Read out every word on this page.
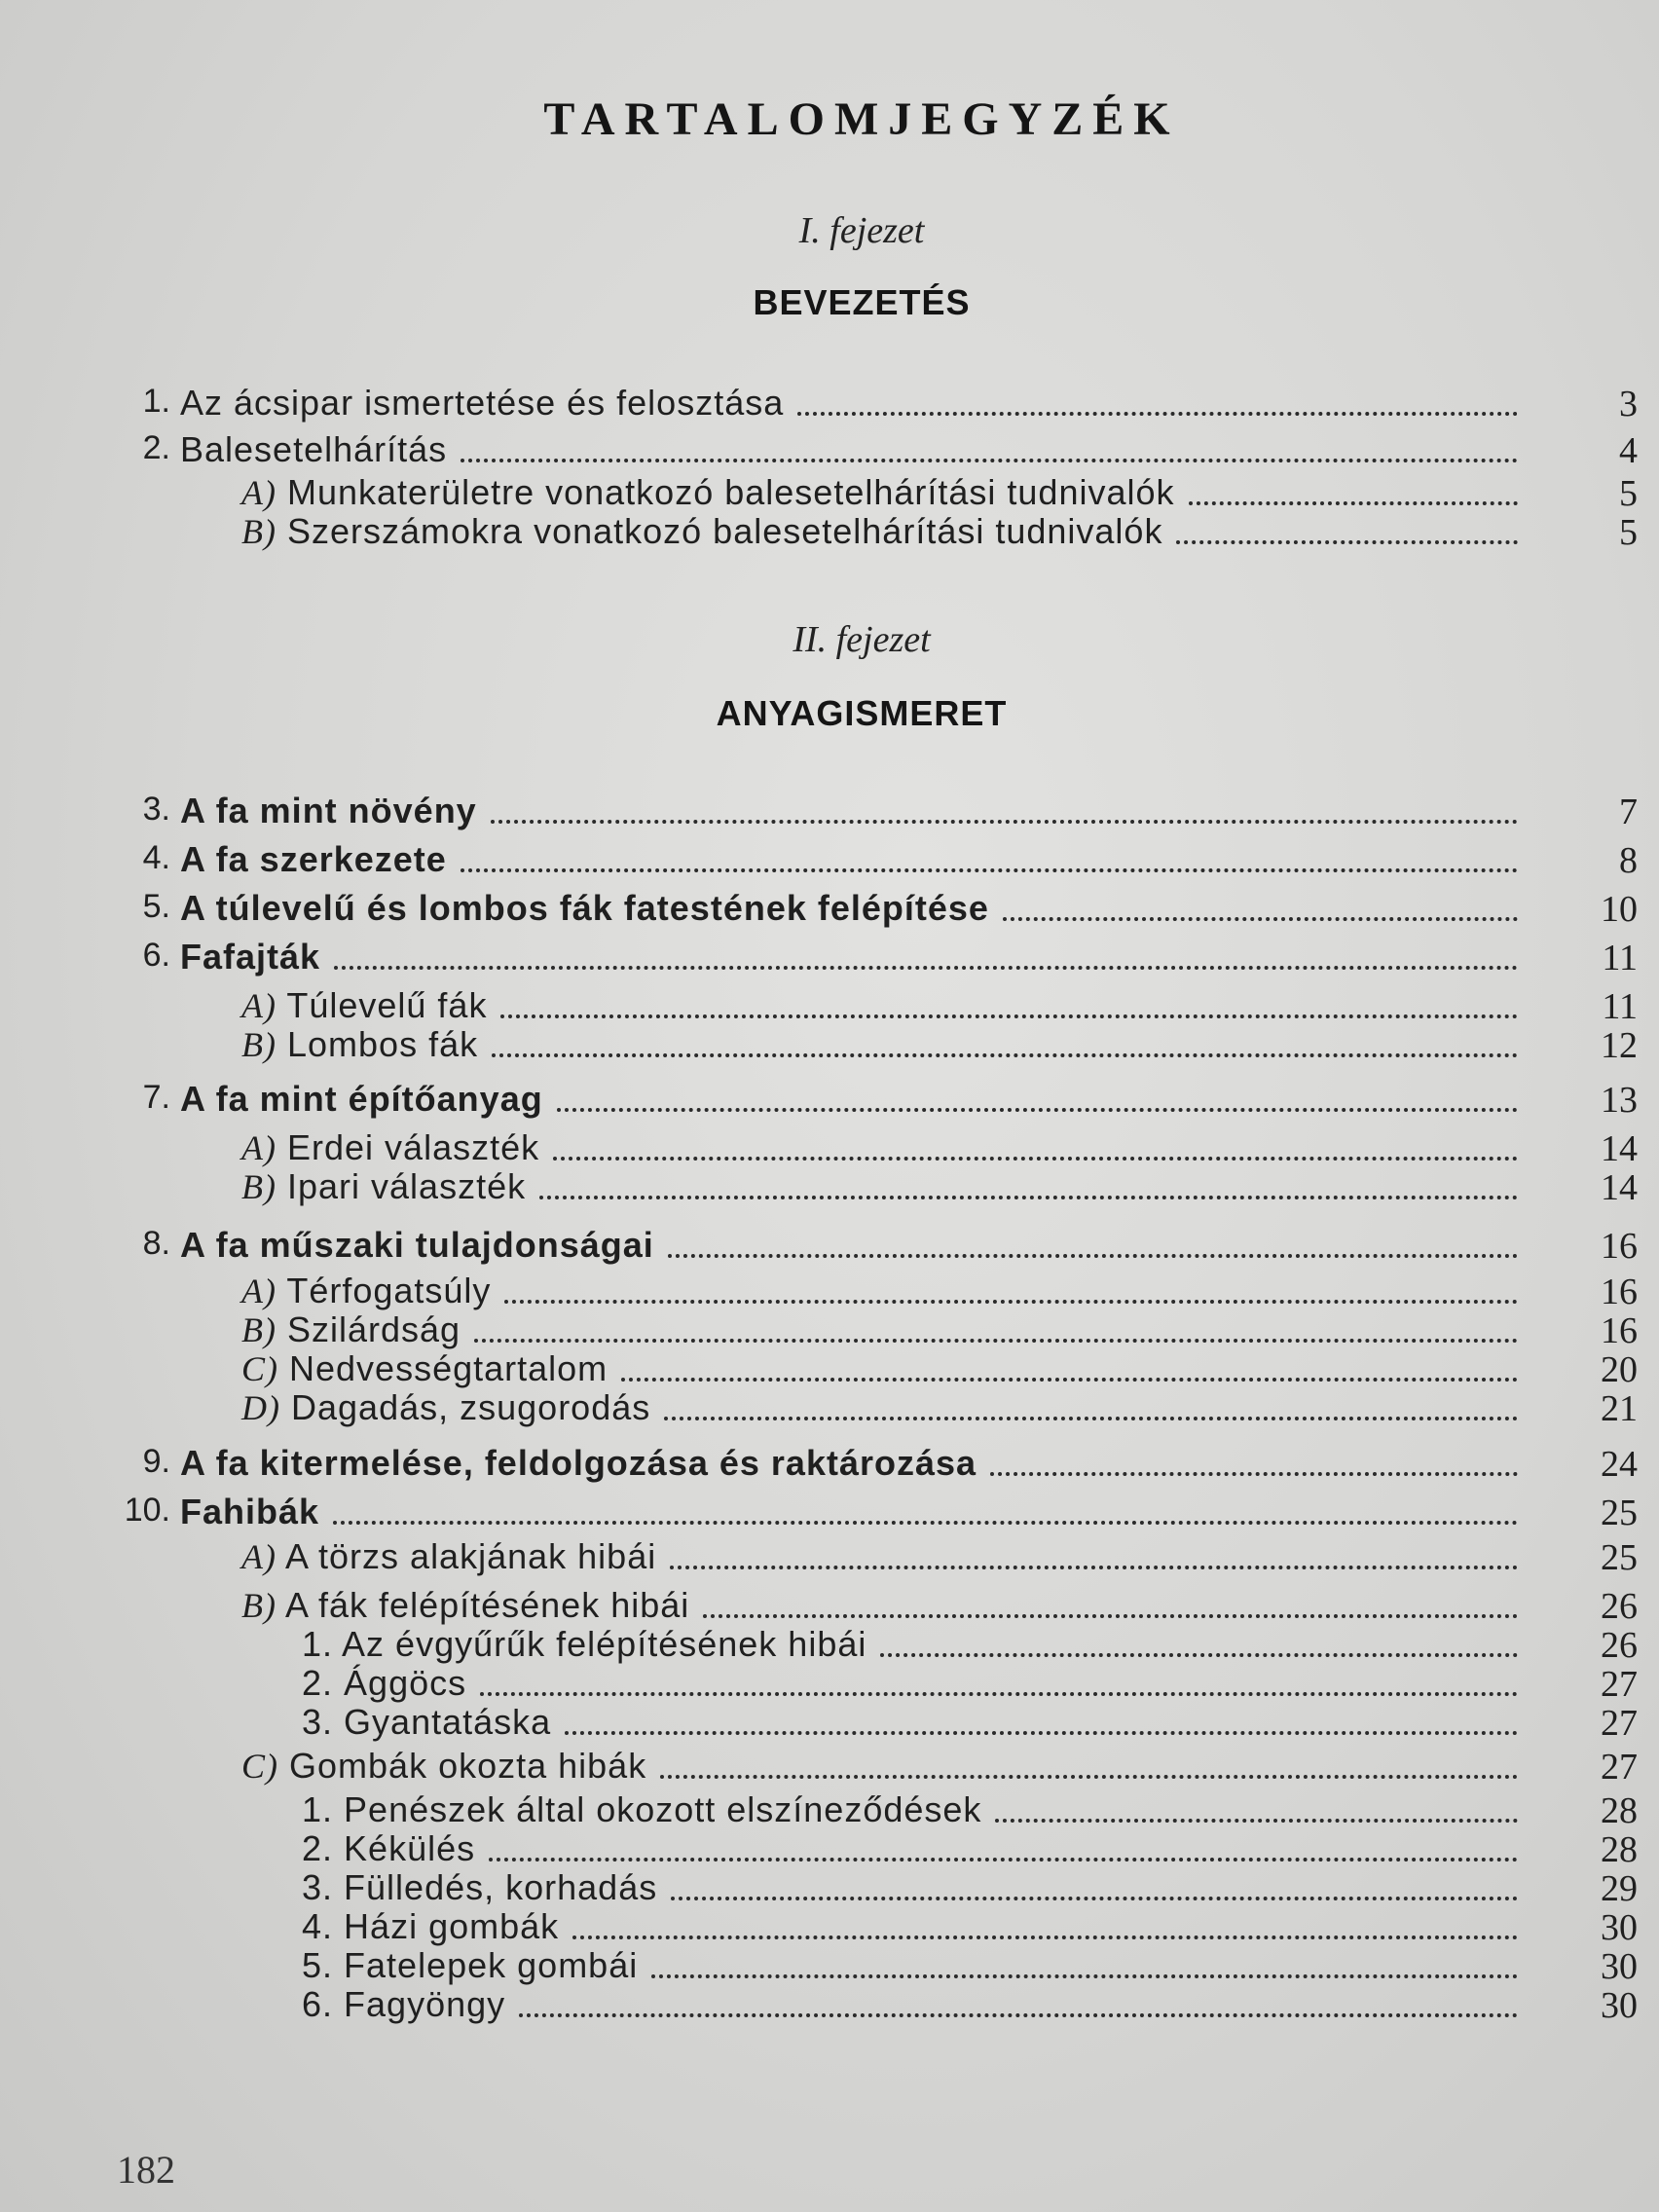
TARTALOMJEGYZÉK
I. fejezet
BEVEZETÉS
1. Az ácsipar ismertetése és felosztása	3
2. Balesetelhárítás	4
A) Munkaterületre vonatkozó balesetelhárítási tudnivalók	5
B) Szerszámokra vonatkozó balesetelhárítási tudnivalók	5
II. fejezet
ANYAGISMERET
3. A fa mint növény	7
4. A fa szerkezete	8
5. A túlevelű és lombos fák fatestének felépítése	10
6. Fafajták	11
A) Túlevelű fák	11
B) Lombos fák	12
7. A fa mint építőanyag	13
A) Erdei választék	14
B) Ipari választék	14
8. A fa műszaki tulajdonságai	16
A) Térfogatsúly	16
B) Szilárdság	16
C) Nedvességtartalom	20
D) Dagadás, zsugorodás	21
9. A fa kitermelése, feldolgozása és raktározása	24
10. Fahibák	25
A) A törzs alakjának hibái	25
B) A fák felépítésének hibái	26
1. Az évgyűrűk felépítésének hibái	26
2. Ággöcs	27
3. Gyantatáska	27
C) Gombák okozta hibák	27
1. Penészek által okozott elszíneződések	28
2. Kékülés	28
3. Fülledés, korhadás	29
4. Házi gombák	30
5. Fatelepek gombái	30
6. Fagyöngy	30
182
